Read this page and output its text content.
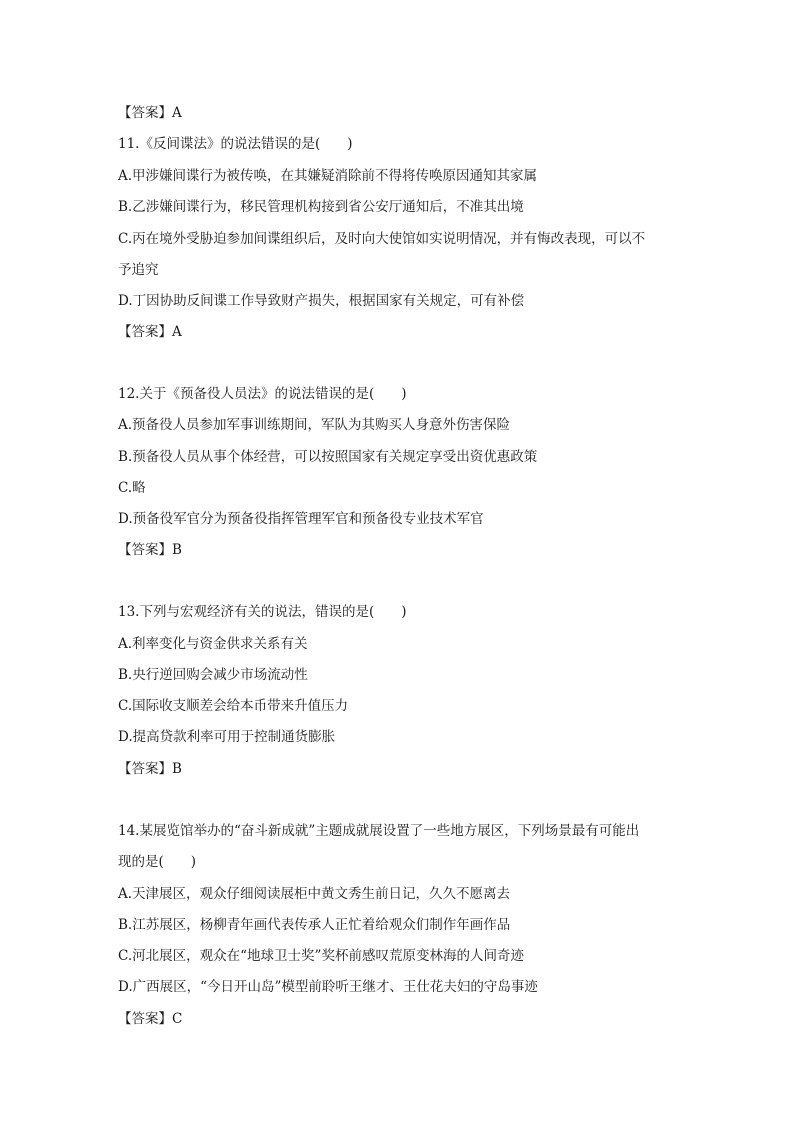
【答案】A
11.《反间谍法》的说法错误的是(　　)
A.甲涉嫌间谍行为被传唤，在其嫌疑消除前不得将传唤原因通知其家属
B.乙涉嫌间谍行为，移民管理机构接到省公安厅通知后，不准其出境
C.丙在境外受胁迫参加间谍组织后，及时向大使馆如实说明情况，并有悔改表现，可以不
予追究
D.丁因协助反间谍工作导致财产损失，根据国家有关规定，可有补偿
【答案】A
12.关于《预备役人员法》的说法错误的是(　　)
A.预备役人员参加军事训练期间，军队为其购买人身意外伤害保险
B.预备役人员从事个体经营，可以按照国家有关规定享受出资优惠政策
C.略
D.预备役军官分为预备役指挥管理军官和预备役专业技术军官
【答案】B
13.下列与宏观经济有关的说法，错误的是(　　)
A.利率变化与资金供求关系有关
B.央行逆回购会减少市场流动性
C.国际收支顺差会给本币带来升值压力
D.提高贷款利率可用于控制通货膨胀
【答案】B
14.某展览馆举办的“奋斗新成就”主题成就展设置了一些地方展区，下列场景最有可能出
现的是(　　)
A.天津展区，观众仔细阅读展柜中黄文秀生前日记，久久不愿离去
B.江苏展区，杨柳青年画代表传承人正忙着给观众们制作年画作品
C.河北展区，观众在“地球卫士奖”奖杯前感叹荒原变林海的人间奇迹
D.广西展区，“今日开山岛”模型前聆听王继才、王仕花夫妇的守岛事迹
【答案】C
